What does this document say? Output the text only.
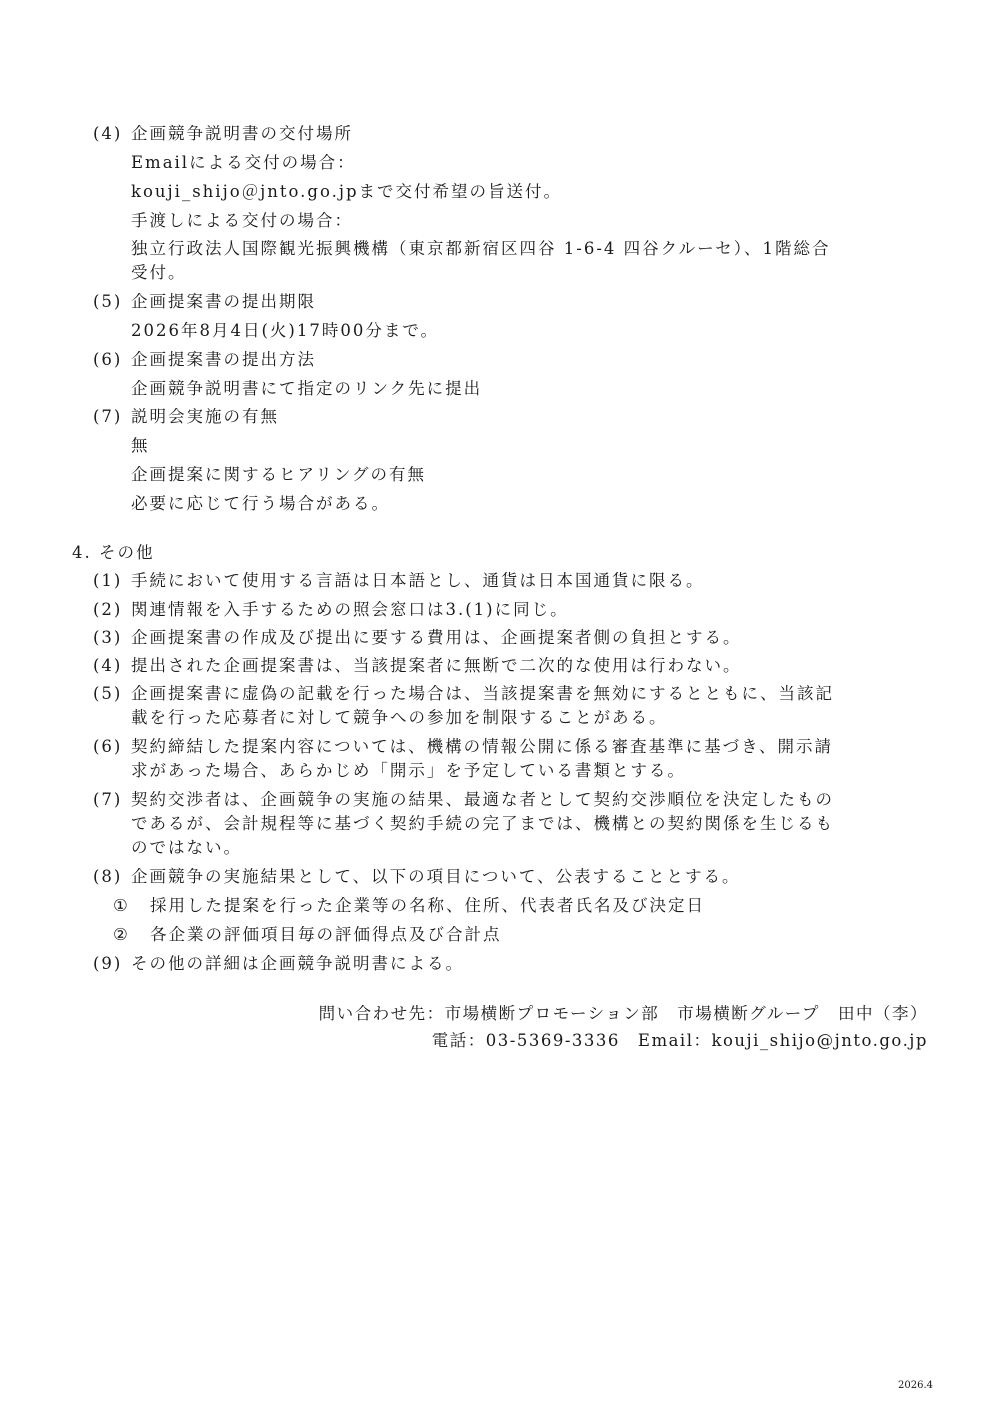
(4) 企画競争説明書の交付場所
Emailによる交付の場合：
kouji_shijo＠jnto.go.jpまで交付希望の旨送付。
手渡しによる交付の場合：
独立行政法人国際観光振興機構（東京都新宿区四谷 1-6-4 四谷クルーセ）、1階総合
受付。
(5) 企画提案書の提出期限
2026年8月4日(火)17時00分まで。
(6) 企画提案書の提出方法
企画競争説明書にて指定のリンク先に提出
(7) 説明会実施の有無
無
企画提案に関するヒアリングの有無
必要に応じて行う場合がある。
4. その他
(1) 手続において使用する言語は日本語とし、通貨は日本国通貨に限る。
(2) 関連情報を入手するための照会窓口は3.(1)に同じ。
(3) 企画提案書の作成及び提出に要する費用は、企画提案者側の負担とする。
(4) 提出された企画提案書は、当該提案者に無断で二次的な使用は行わない。
(5) 企画提案書に虚偽の記載を行った場合は、当該提案書を無効にするとともに、当該記
載を行った応募者に対して競争への参加を制限することがある。
(6) 契約締結した提案内容については、機構の情報公開に係る審査基準に基づき、開示請
求があった場合、あらかじめ「開示」を予定している書類とする。
(7) 契約交渉者は、企画競争の実施の結果、最適な者として契約交渉順位を決定したもの
であるが、会計規程等に基づく契約手続の完了までは、機構との契約関係を生じるも
のではない。
(8) 企画競争の実施結果として、以下の項目について、公表することとする。
① 採用した提案を行った企業等の名称、住所、代表者氏名及び決定日
② 各企業の評価項目毎の評価得点及び合計点
(9) その他の詳細は企画競争説明書による。
問い合わせ先：市場横断プロモーション部　市場横断グループ　田中（李）
電話：03-5369-3336　Email：kouji_shijo@jnto.go.jp
2026.4
